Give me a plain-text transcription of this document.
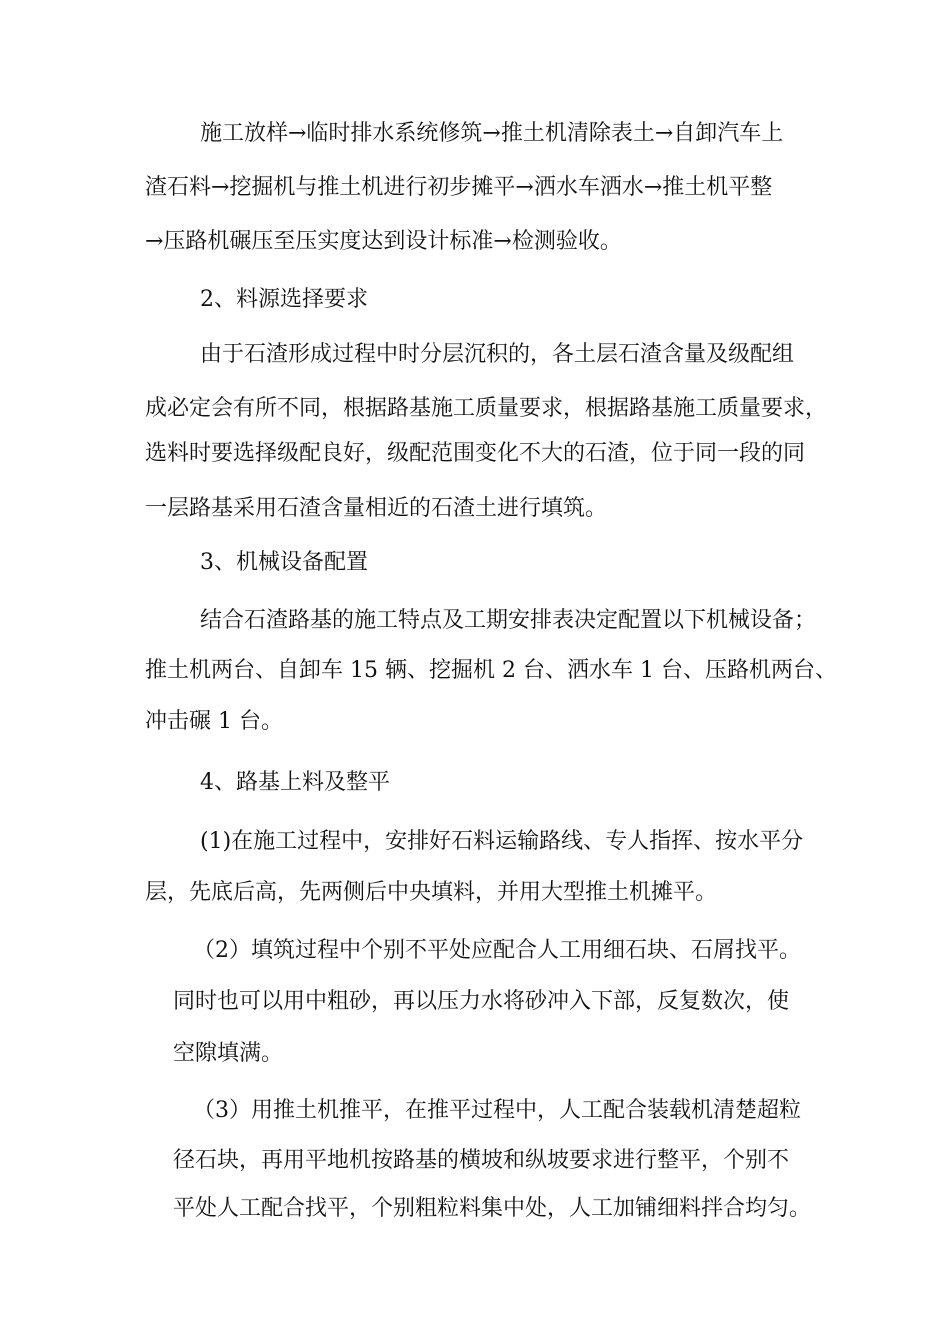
施工放样→临时排水系统修筑→推土机清除表土→自卸汽车上
渣石料→挖掘机与推土机进行初步摊平→洒水车洒水→推土机平整
→压路机碾压至压实度达到设计标准→检测验收。
2、料源选择要求
由于石渣形成过程中时分层沉积的，各土层石渣含量及级配组
成必定会有所不同，根据路基施工质量要求，根据路基施工质量要求，
选料时要选择级配良好，级配范围变化不大的石渣，位于同一段的同
一层路基采用石渣含量相近的石渣土进行填筑。
3、机械设备配置
结合石渣路基的施工特点及工期安排表决定配置以下机械设备；
推土机两台、自卸车 15 辆、挖掘机 2 台、洒水车 1 台、压路机两台、
冲击碾 1 台。
4、路基上料及整平
(1)在施工过程中，安排好石料运输路线、专人指挥、按水平分
层，先底后高，先两侧后中央填料，并用大型推土机摊平。
（2）填筑过程中个别不平处应配合人工用细石块、石屑找平。
同时也可以用中粗砂，再以压力水将砂冲入下部，反复数次，使
空隙填满。
（3）用推土机推平，在推平过程中，人工配合装载机清楚超粒
径石块，再用平地机按路基的横坡和纵坡要求进行整平，个别不
平处人工配合找平，个别粗粒料集中处，人工加铺细料拌合均匀。
